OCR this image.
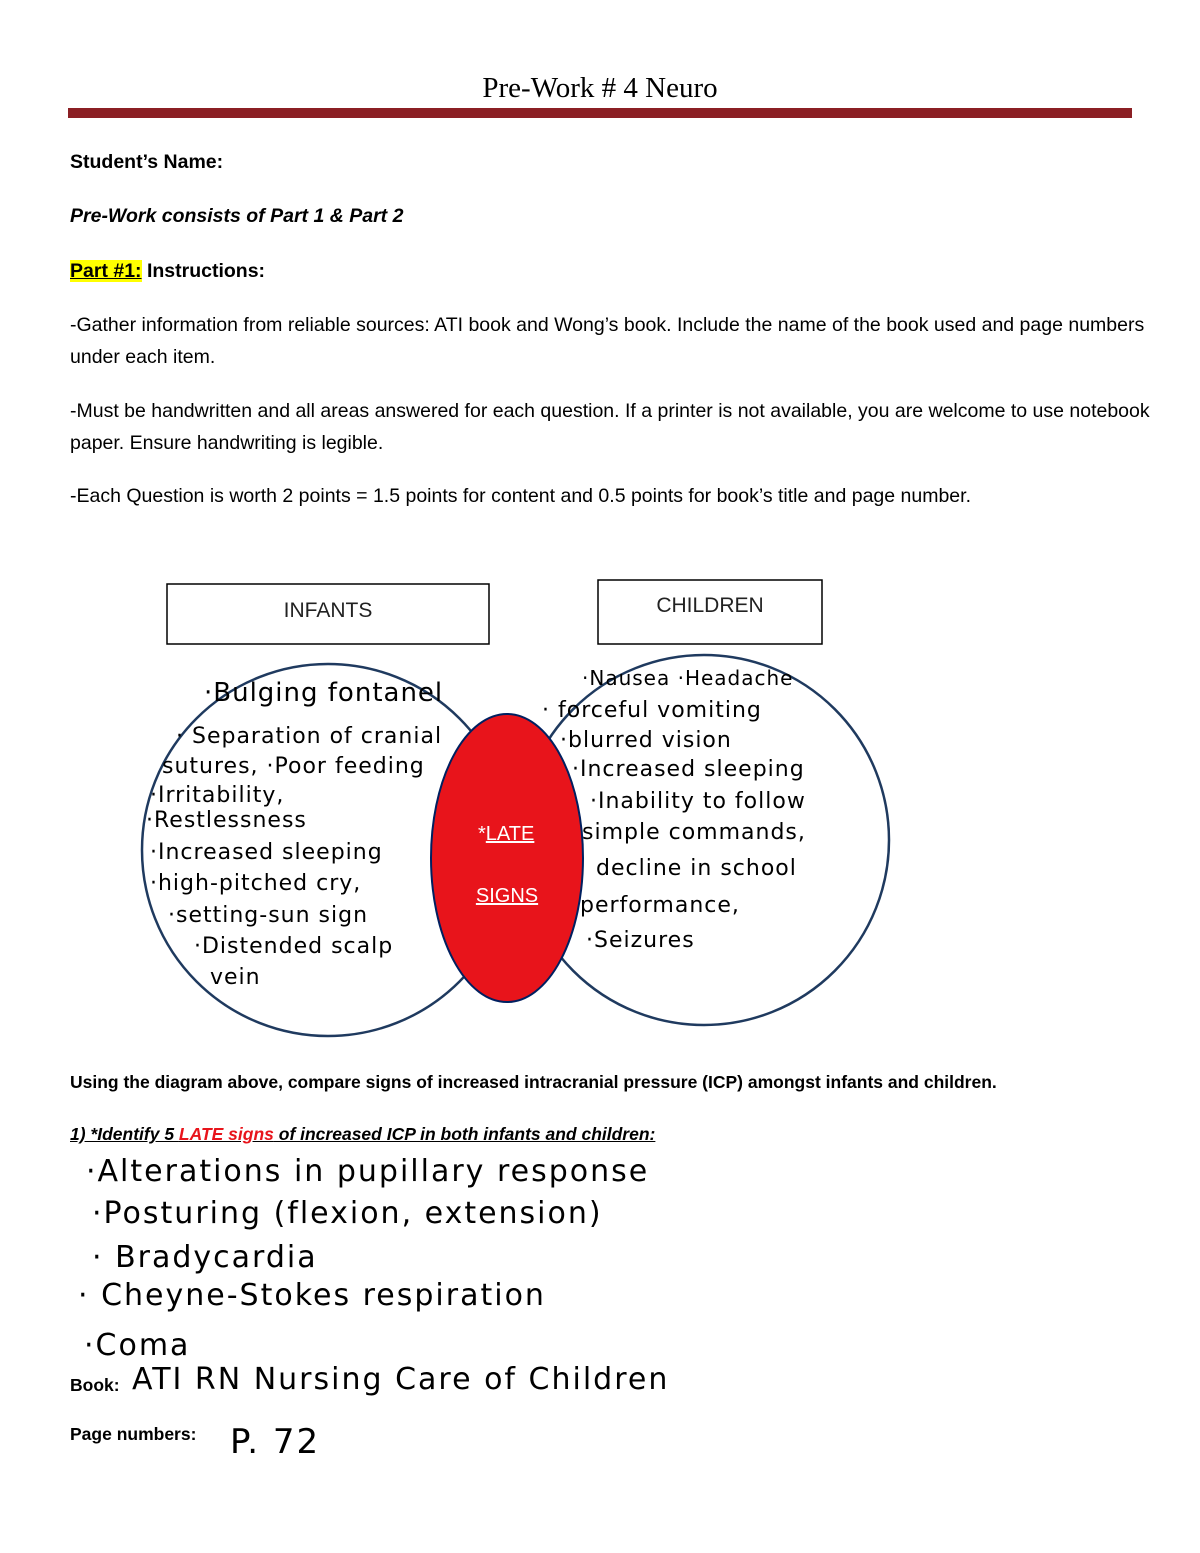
Pre-Work # 4 Neuro
Student’s Name:
Pre-Work consists of Part 1 & Part 2
Part #1: Instructions:
-Gather information from reliable sources: ATI book and Wong’s book. Include the name of the book used and page numbers under each item.
-Must be handwritten and all areas answered for each question. If a printer is not available, you are welcome to use notebook paper. Ensure handwriting is legible.
-Each Question is worth 2 points = 1.5 points for content and 0.5 points for book’s title and page number.
INFANTS	CHILDREN
*LATE
SIGNS
·Bulging fontanel
· Separation of cranial
sutures, ·Poor feeding
·Irritability,
·Restlessness
·Increased sleeping
·high-pitched cry,
·setting-sun sign
·Distended scalp
vein
·Nausea ·Headache
· forceful vomiting
·blurred vision
·Increased sleeping
·Inability to follow
simple commands,
decline in school
performance,
·Seizures
Using the diagram above, compare signs of increased intracranial pressure (ICP) amongst infants and children.
1) *Identify 5 LATE signs of increased ICP in both infants and children:
·Alterations in pupillary response
·Posturing (flexion, extension)
· Bradycardia
· Cheyne-Stokes respiration
·Coma
Book: ATI RN Nursing Care of Children
Page numbers: P. 72
